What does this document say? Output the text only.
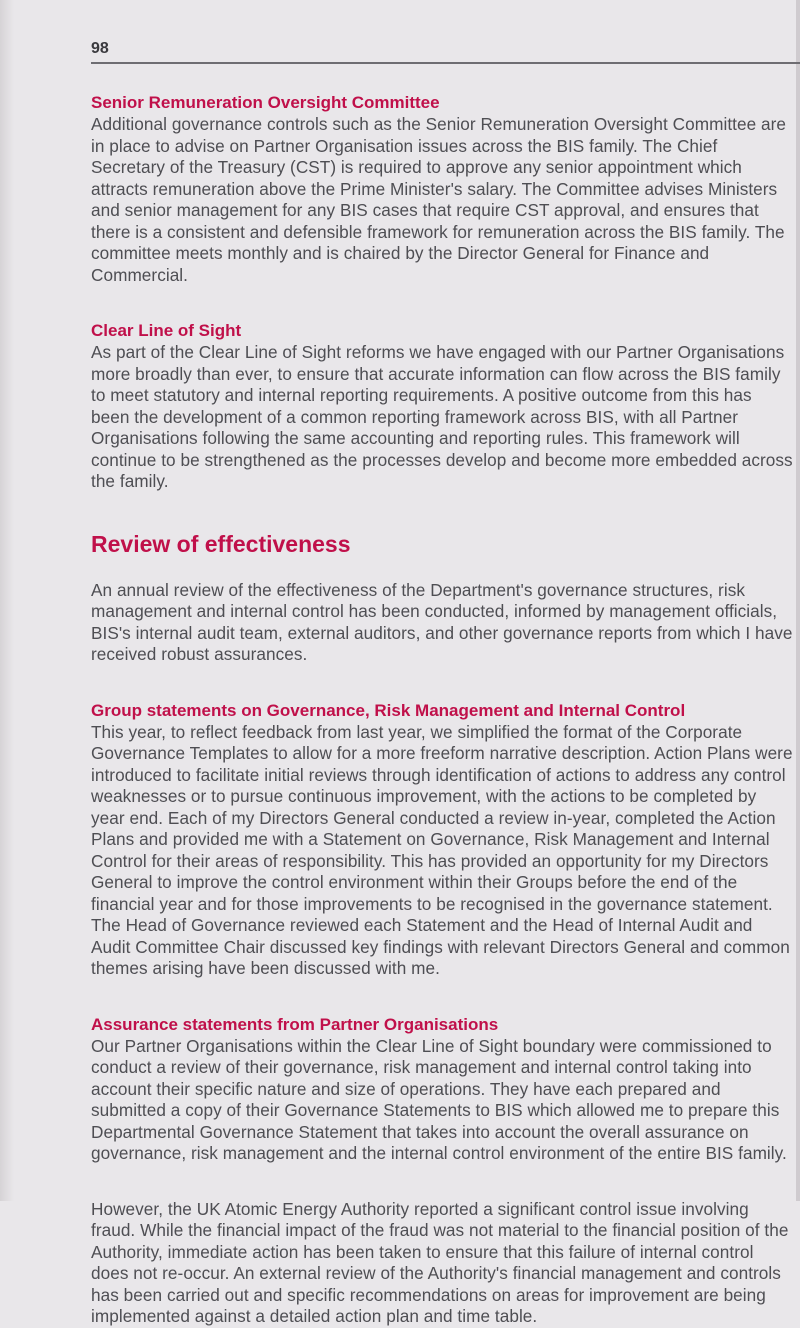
98
Senior Remuneration Oversight Committee

Additional governance controls such as the Senior Remuneration Oversight Committee are in place to advise on Partner Organisation issues across the BIS family. The Chief Secretary of the Treasury (CST) is required to approve any senior appointment which attracts remuneration above the Prime Minister's salary. The Committee advises Ministers and senior management for any BIS cases that require CST approval, and ensures that there is a consistent and defensible framework for remuneration across the BIS family. The committee meets monthly and is chaired by the Director General for Finance and Commercial.

Clear Line of Sight

As part of the Clear Line of Sight reforms we have engaged with our Partner Organisations more broadly than ever, to ensure that accurate information can flow across the BIS family to meet statutory and internal reporting requirements. A positive outcome from this has been the development of a common reporting framework across BIS, with all Partner Organisations following the same accounting and reporting rules. This framework will continue to be strengthened as the processes develop and become more embedded across the family.

Review of effectiveness

An annual review of the effectiveness of the Department's governance structures, risk management and internal control has been conducted, informed by management officials, BIS's internal audit team, external auditors, and other governance reports from which I have received robust assurances.

Group statements on Governance, Risk Management and Internal Control

This year, to reflect feedback from last year, we simplified the format of the Corporate Governance Templates to allow for a more freeform narrative description. Action Plans were introduced to facilitate initial reviews through identification of actions to address any control weaknesses or to pursue continuous improvement, with the actions to be completed by year end. Each of my Directors General conducted a review in-year, completed the Action Plans and provided me with a Statement on Governance, Risk Management and Internal Control for their areas of responsibility. This has provided an opportunity for my Directors General to improve the control environment within their Groups before the end of the financial year and for those improvements to be recognised in the governance statement. The Head of Governance reviewed each Statement and the Head of Internal Audit and Audit Committee Chair discussed key findings with relevant Directors General and common themes arising have been discussed with me.

Assurance statements from Partner Organisations

Our Partner Organisations within the Clear Line of Sight boundary were commissioned to conduct a review of their governance, risk management and internal control taking into account their specific nature and size of operations. They have each prepared and submitted a copy of their Governance Statements to BIS which allowed me to prepare this Departmental Governance Statement that takes into account the overall assurance on governance, risk management and the internal control environment of the entire BIS family.

However, the UK Atomic Energy Authority reported a significant control issue involving fraud. While the financial impact of the fraud was not material to the financial position of the Authority, immediate action has been taken to ensure that this failure of internal control does not re-occur. An external review of the Authority's financial management and controls has been carried out and specific recommendations on areas for improvement are being implemented against a detailed action plan and time table.
